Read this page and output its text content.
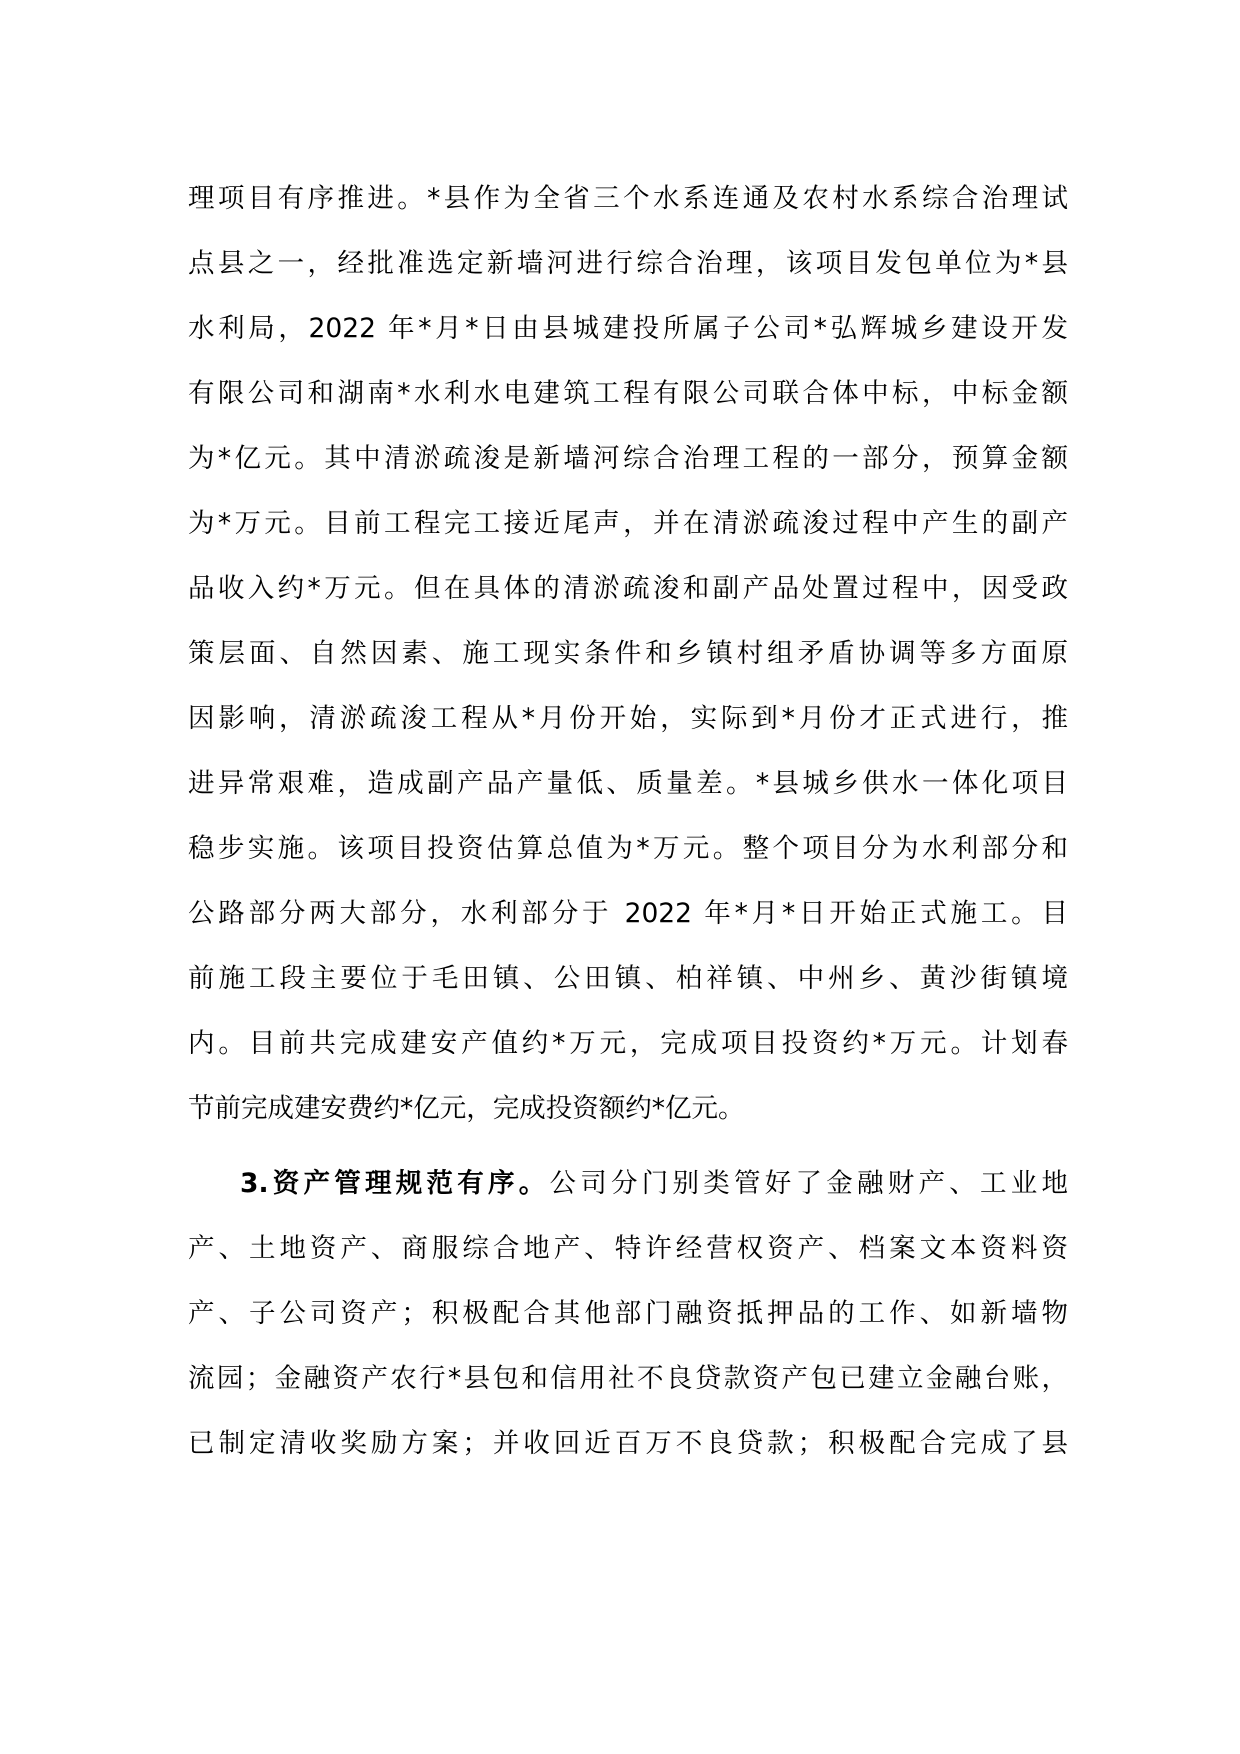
理项目有序推进。*县作为全省三个水系连通及农村水系综合治理试
点县之一，经批准选定新墙河进行综合治理，该项目发包单位为*县
水利局，2022 年*月*日由县城建投所属子公司*弘辉城乡建设开发
有限公司和湖南*水利水电建筑工程有限公司联合体中标，中标金额
为*亿元。其中清淤疏浚是新墙河综合治理工程的一部分，预算金额
为*万元。目前工程完工接近尾声，并在清淤疏浚过程中产生的副产
品收入约*万元。但在具体的清淤疏浚和副产品处置过程中，因受政
策层面、自然因素、施工现实条件和乡镇村组矛盾协调等多方面原
因影响，清淤疏浚工程从*月份开始，实际到*月份才正式进行，推
进异常艰难，造成副产品产量低、质量差。*县城乡供水一体化项目
稳步实施。该项目投资估算总值为*万元。整个项目分为水利部分和
公路部分两大部分，水利部分于 2022 年*月*日开始正式施工。目
前施工段主要位于毛田镇、公田镇、柏祥镇、中州乡、黄沙街镇境
内。目前共完成建安产值约*万元，完成项目投资约*万元。计划春
节前完成建安费约*亿元，完成投资额约*亿元。
3.资产管理规范有序。公司分门别类管好了金融财产、工业地
产、土地资产、商服综合地产、特许经营权资产、档案文本资料资
产、子公司资产；积极配合其他部门融资抵押品的工作、如新墙物
流园；金融资产农行*县包和信用社不良贷款资产包已建立金融台账，
已制定清收奖励方案；并收回近百万不良贷款；积极配合完成了县
